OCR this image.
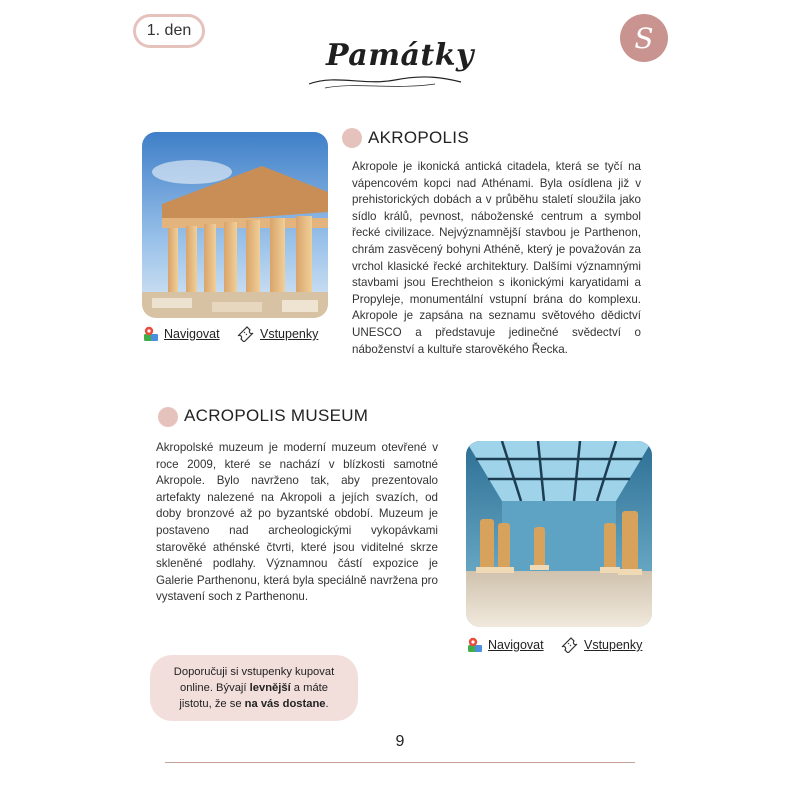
1. den
Památky	S
Navigovat	Vstupenky
AKROPOLIS
Akropole je ikonická antická citadela, která se tyčí na vápencovém kopci nad Athénami. Byla osídlena již v prehistorických dobách a v průběhu staletí sloužila jako sídlo králů, pevnost, náboženské centrum a symbol řecké civilizace. Nejvýznamnější stavbou je Parthenon, chrám zasvěcený bohyni Athéně, který je považován za vrchol klasické řecké architektury. Dalšími významnými stavbami jsou Erechtheion s ikonickými karyatidami a Propyleje, monumentální vstupní brána do komplexu. Akropole je zapsána na seznamu světového dědictví UNESCO a představuje jedinečné svědectví o náboženství a kultuře starověkého Řecka.
ACROPOLIS MUSEUM
Akropolské muzeum je moderní muzeum otevřené v roce 2009, které se nachází v blízkosti samotné Akropole. Bylo navrženo tak, aby prezentovalo artefakty nalezené na Akropoli a jejích svazích, od doby bronzové až po byzantské období. Muzeum je postaveno nad archeologickými vykopávkami starověké athénské čtvrti, které jsou viditelné skrze skleněné podlahy. Významnou částí expozice je Galerie Parthenonu, která byla speciálně navržena pro vystavení soch z Parthenonu.
Navigovat	Vstupenky
Doporučuji si vstupenky kupovat online. Bývají levnější a máte jistotu, že se na vás dostane.
9
